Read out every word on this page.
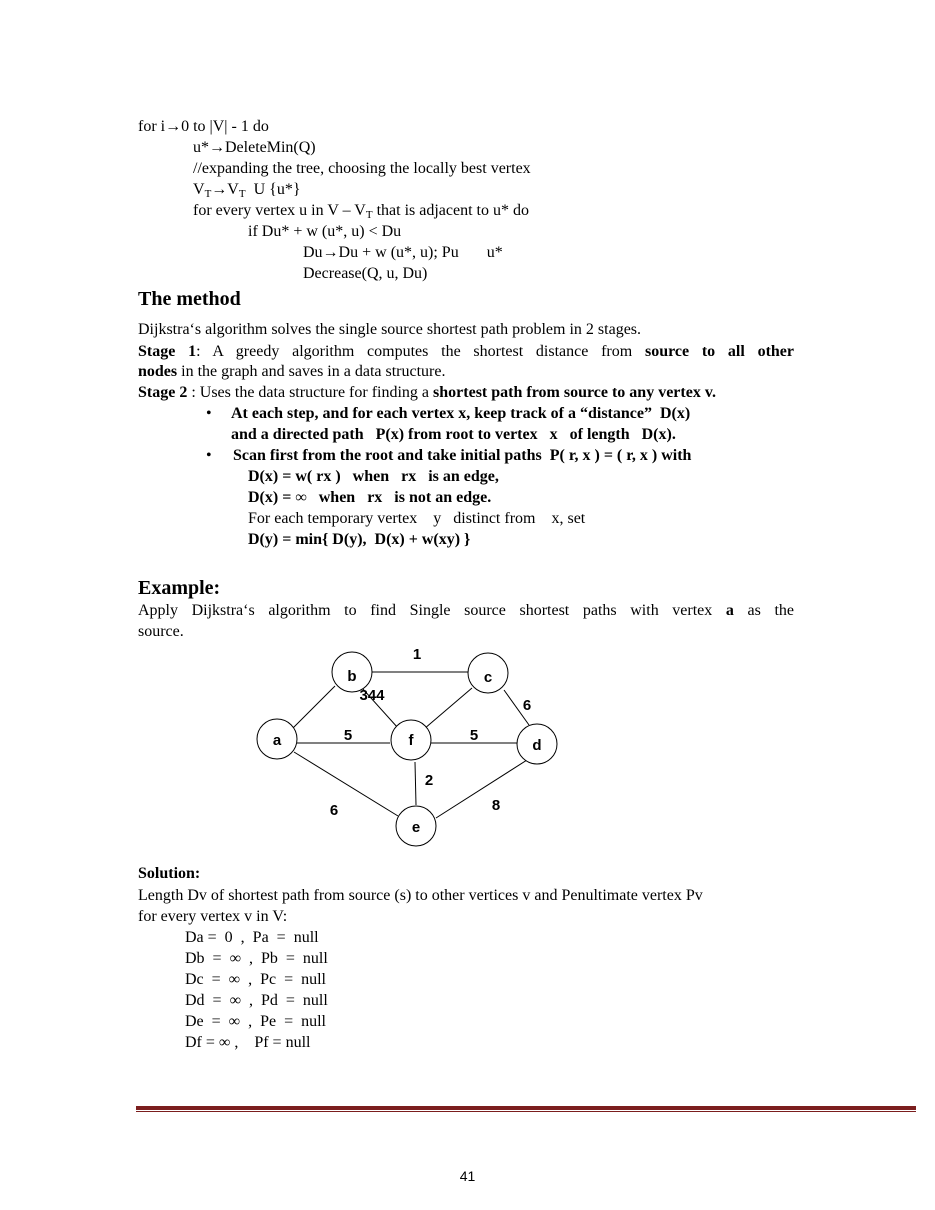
for i→0 to |V| - 1 do
u*→DeleteMin(Q)
//expanding the tree, choosing the locally best vertex
$V_T\to V_T$  U {u*}
for every vertex u in V – $V_T$ that is adjacent to u* do
if Du* + w (u*, u) < Du
Du→Du + w (u*, u); Pu       u*
Decrease(Q, u, Du)
The method
Dijkstra‘s algorithm solves the single source shortest path problem in 2 stages.
Stage 1: A greedy algorithm computes the shortest distance from source to all other
nodes in the graph and saves in a data structure.
Stage 2 : Uses the data structure for finding a shortest path from source to any vertex v.
• At each step, and for each vertex x, keep track of a “distance”  D(x)
and a directed path   P(x) from root to vertex   x   of length   D(x).
• Scan first from the root and take initial paths  P( r, x ) = ( r, x ) with
D(x) = w( rx )   when   rx   is an edge,
D(x) = ∞   when   rx   is not an edge.
For each temporary vertex    y   distinct from    x, set
D(y) = min{ D(y),  D(x) + w(xy) }
Example:
Apply Dijkstra‘s algorithm to find Single source shortest paths with vertex a as the
source.
b	c
a	f	d
e
1
344
6
5	5
2
6	8
Solution:
Length Dv of shortest path from source (s) to other vertices v and Penultimate vertex Pv
for every vertex v in V:
Da =  0  ,  Pa  =  null
Db  =  ∞  ,  Pb  =  null
Dc  =  ∞  ,  Pc  =  null
Dd  =  ∞  ,  Pd  =  null
De  =  ∞  ,  Pe  =  null
Df = ∞ ,    Pf = null
41
